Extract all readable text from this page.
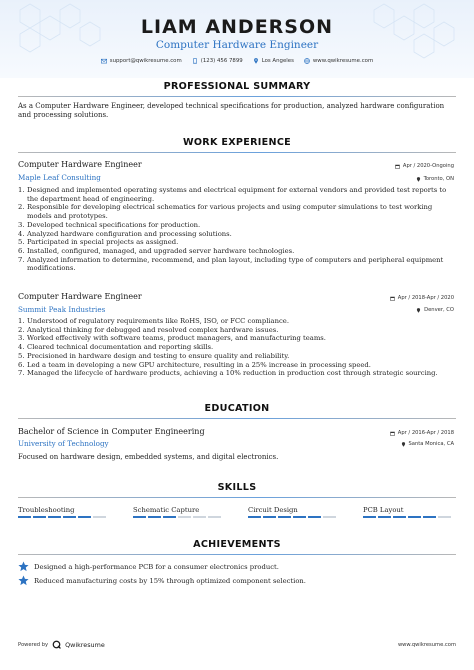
LIAM ANDERSON
Computer Hardware Engineer
support@qwikresume.com	(123) 456 7899	Los Angeles	www.qwikresume.com
PROFESSIONAL SUMMARY
As a Computer Hardware Engineer, developed technical specifications for production, analyzed hardware configuration and processing solutions.
WORK EXPERIENCE
Computer Hardware Engineer	Apr / 2020-Ongoing
Maple Leaf Consulting	Toronto, ON
1. Designed and implemented operating systems and electrical equipment for external vendors and provided test reports to the department head of engineering.
2. Responsible for developing electrical schematics for various projects and using computer simulations to test working models and prototypes.
3. Developed technical specifications for production.
4. Analyzed hardware configuration and processing solutions.
5. Participated in special projects as assigned.
6. Installed, configured, managed, and upgraded server hardware technologies.
7. Analyzed information to determine, recommend, and plan layout, including type of computers and peripheral equipment modifications.
Computer Hardware Engineer	Apr / 2018-Apr / 2020
Summit Peak Industries	Denver, CO
1. Understood of regulatory requirements like RoHS, ISO, or FCC compliance.
2. Analytical thinking for debugged and resolved complex hardware issues.
3. Worked effectively with software teams, product managers, and manufacturing teams.
4. Cleared technical documentation and reporting skills.
5. Precisioned in hardware design and testing to ensure quality and reliability.
6. Led a team in developing a new GPU architecture, resulting in a 25% increase in processing speed.
7. Managed the lifecycle of hardware products, achieving a 10% reduction in production cost through strategic sourcing.
EDUCATION
Bachelor of Science in Computer Engineering	Apr / 2016-Apr / 2018
University of Technology	Santa Monica, CA
Focused on hardware design, embedded systems, and digital electronics.
SKILLS
Troubleshooting	Schematic Capture	Circuit Design	PCB Layout
ACHIEVEMENTS
Designed a high-performance PCB for a consumer electronics product.
Reduced manufacturing costs by 15% through optimized component selection.
Powered by	Qwikresume	www.qwikresume.com
